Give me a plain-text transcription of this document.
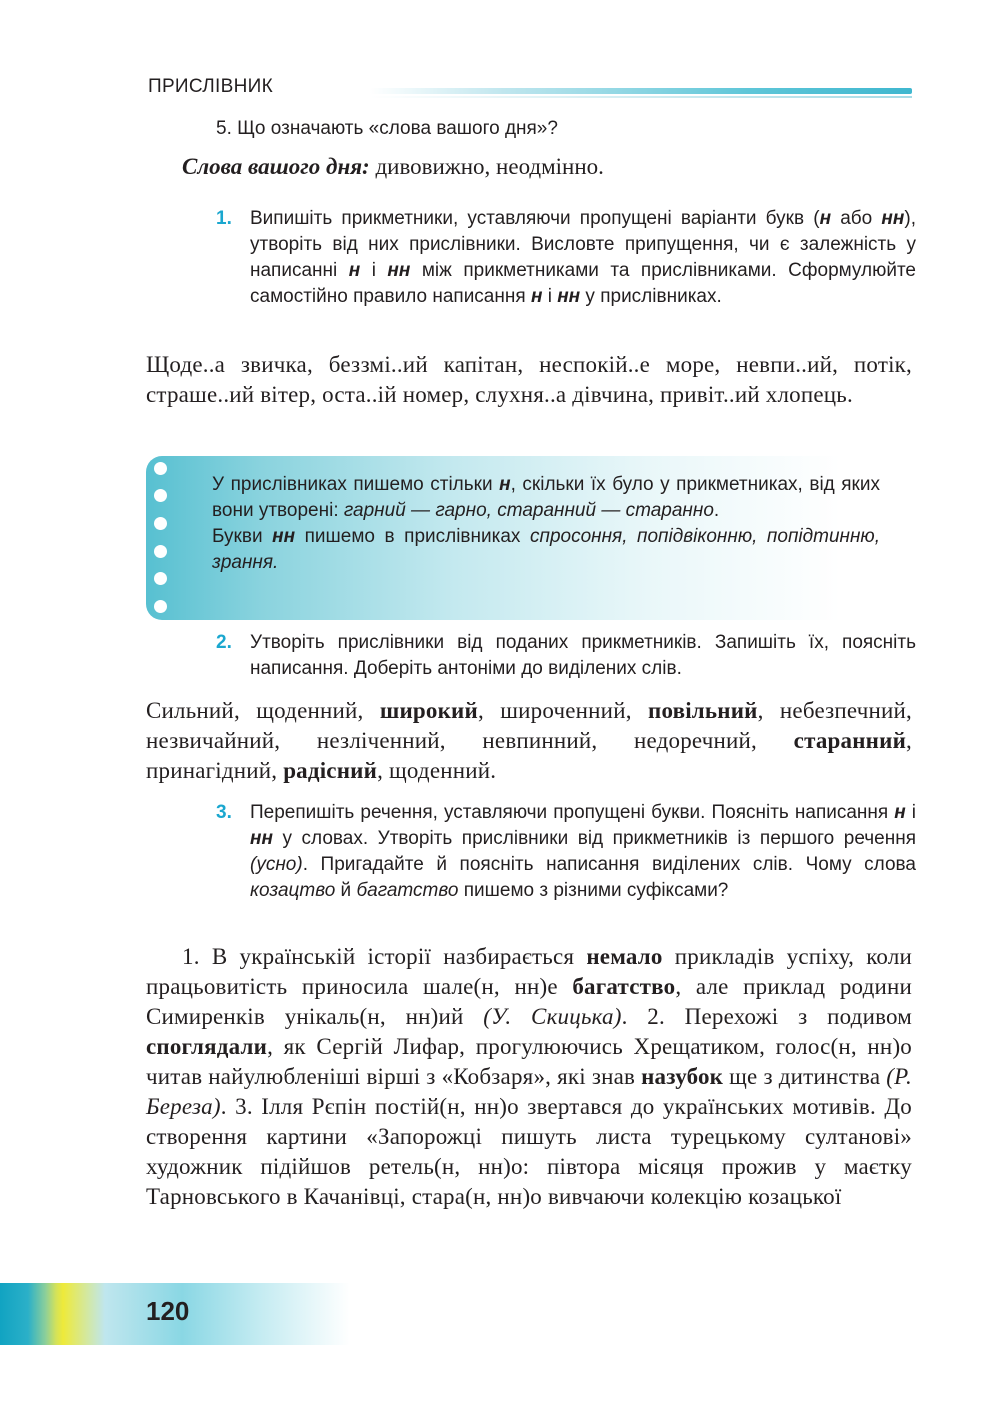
ПРИСЛІВНИК
5. Що означають «слова вашого дня»?
Слова вашого дня: дивовижно, неодмінно.
1. Випишіть прикметники, уставляючи пропущені варіанти букв (н або нн), утворіть від них прислівники. Висловте припущення, чи є залежність у написанні н і нн між прикметниками та прислівниками. Сформулюйте самостійно правило написання н і нн у прислівниках.
Щоде..а звичка, беззмі..ий капітан, неспокій..е море, невпи..ий, потік, страше..ий вітер, оста..ій номер, слухня..а дівчина, привіт..ий хлопець.
У прислівниках пишемо стільки н, скільки їх було у прикметниках, від яких вони утворені: гарний — гарно, старанний — старанно.
Букви нн пишемо в прислівниках спросоння, попідвіконню, попідтинню, зрання.
2. Утворіть прислівники від поданих прикметників. Запишіть їх, поясніть написання. Доберіть антоніми до виділених слів.
Сильний, щоденний, широкий, широченний, повільний, небезпечний, незвичайний, незліченний, невпинний, недоречний, старанний, принагідний, радісний, щоденний.
3. Перепишіть речення, уставляючи пропущені букви. Поясніть написання н і нн у словах. Утворіть прислівники від прикметників із першого речення (усно). Пригадайте й поясніть написання виділених слів. Чому слова козацтво й багатство пишемо з різними суфіксами?
1. В українській історії назбирається немало прикладів успіху, коли працьовитість приносила шале(н, нн)е багатство, але приклад родини Симиренків унікаль(н, нн)ий (У. Скицька). 2. Перехожі з подивом споглядали, як Сергій Лифар, прогулюючись Хрещатиком, голос(н, нн)о читав найулюбленіші вірші з «Кобзаря», які знав назубок ще з дитинства (Р. Береза). 3. Ілля Рєпін постій(н, нн)о звертався до українських мотивів. До створення картини «Запорожці пишуть листа турецькому султанові» художник підійшов ретель(н, нн)о: півтора місяця прожив у маєтку Тарновського в Качанівці, стара(н, нн)о вивчаючи колекцію козацької
120
